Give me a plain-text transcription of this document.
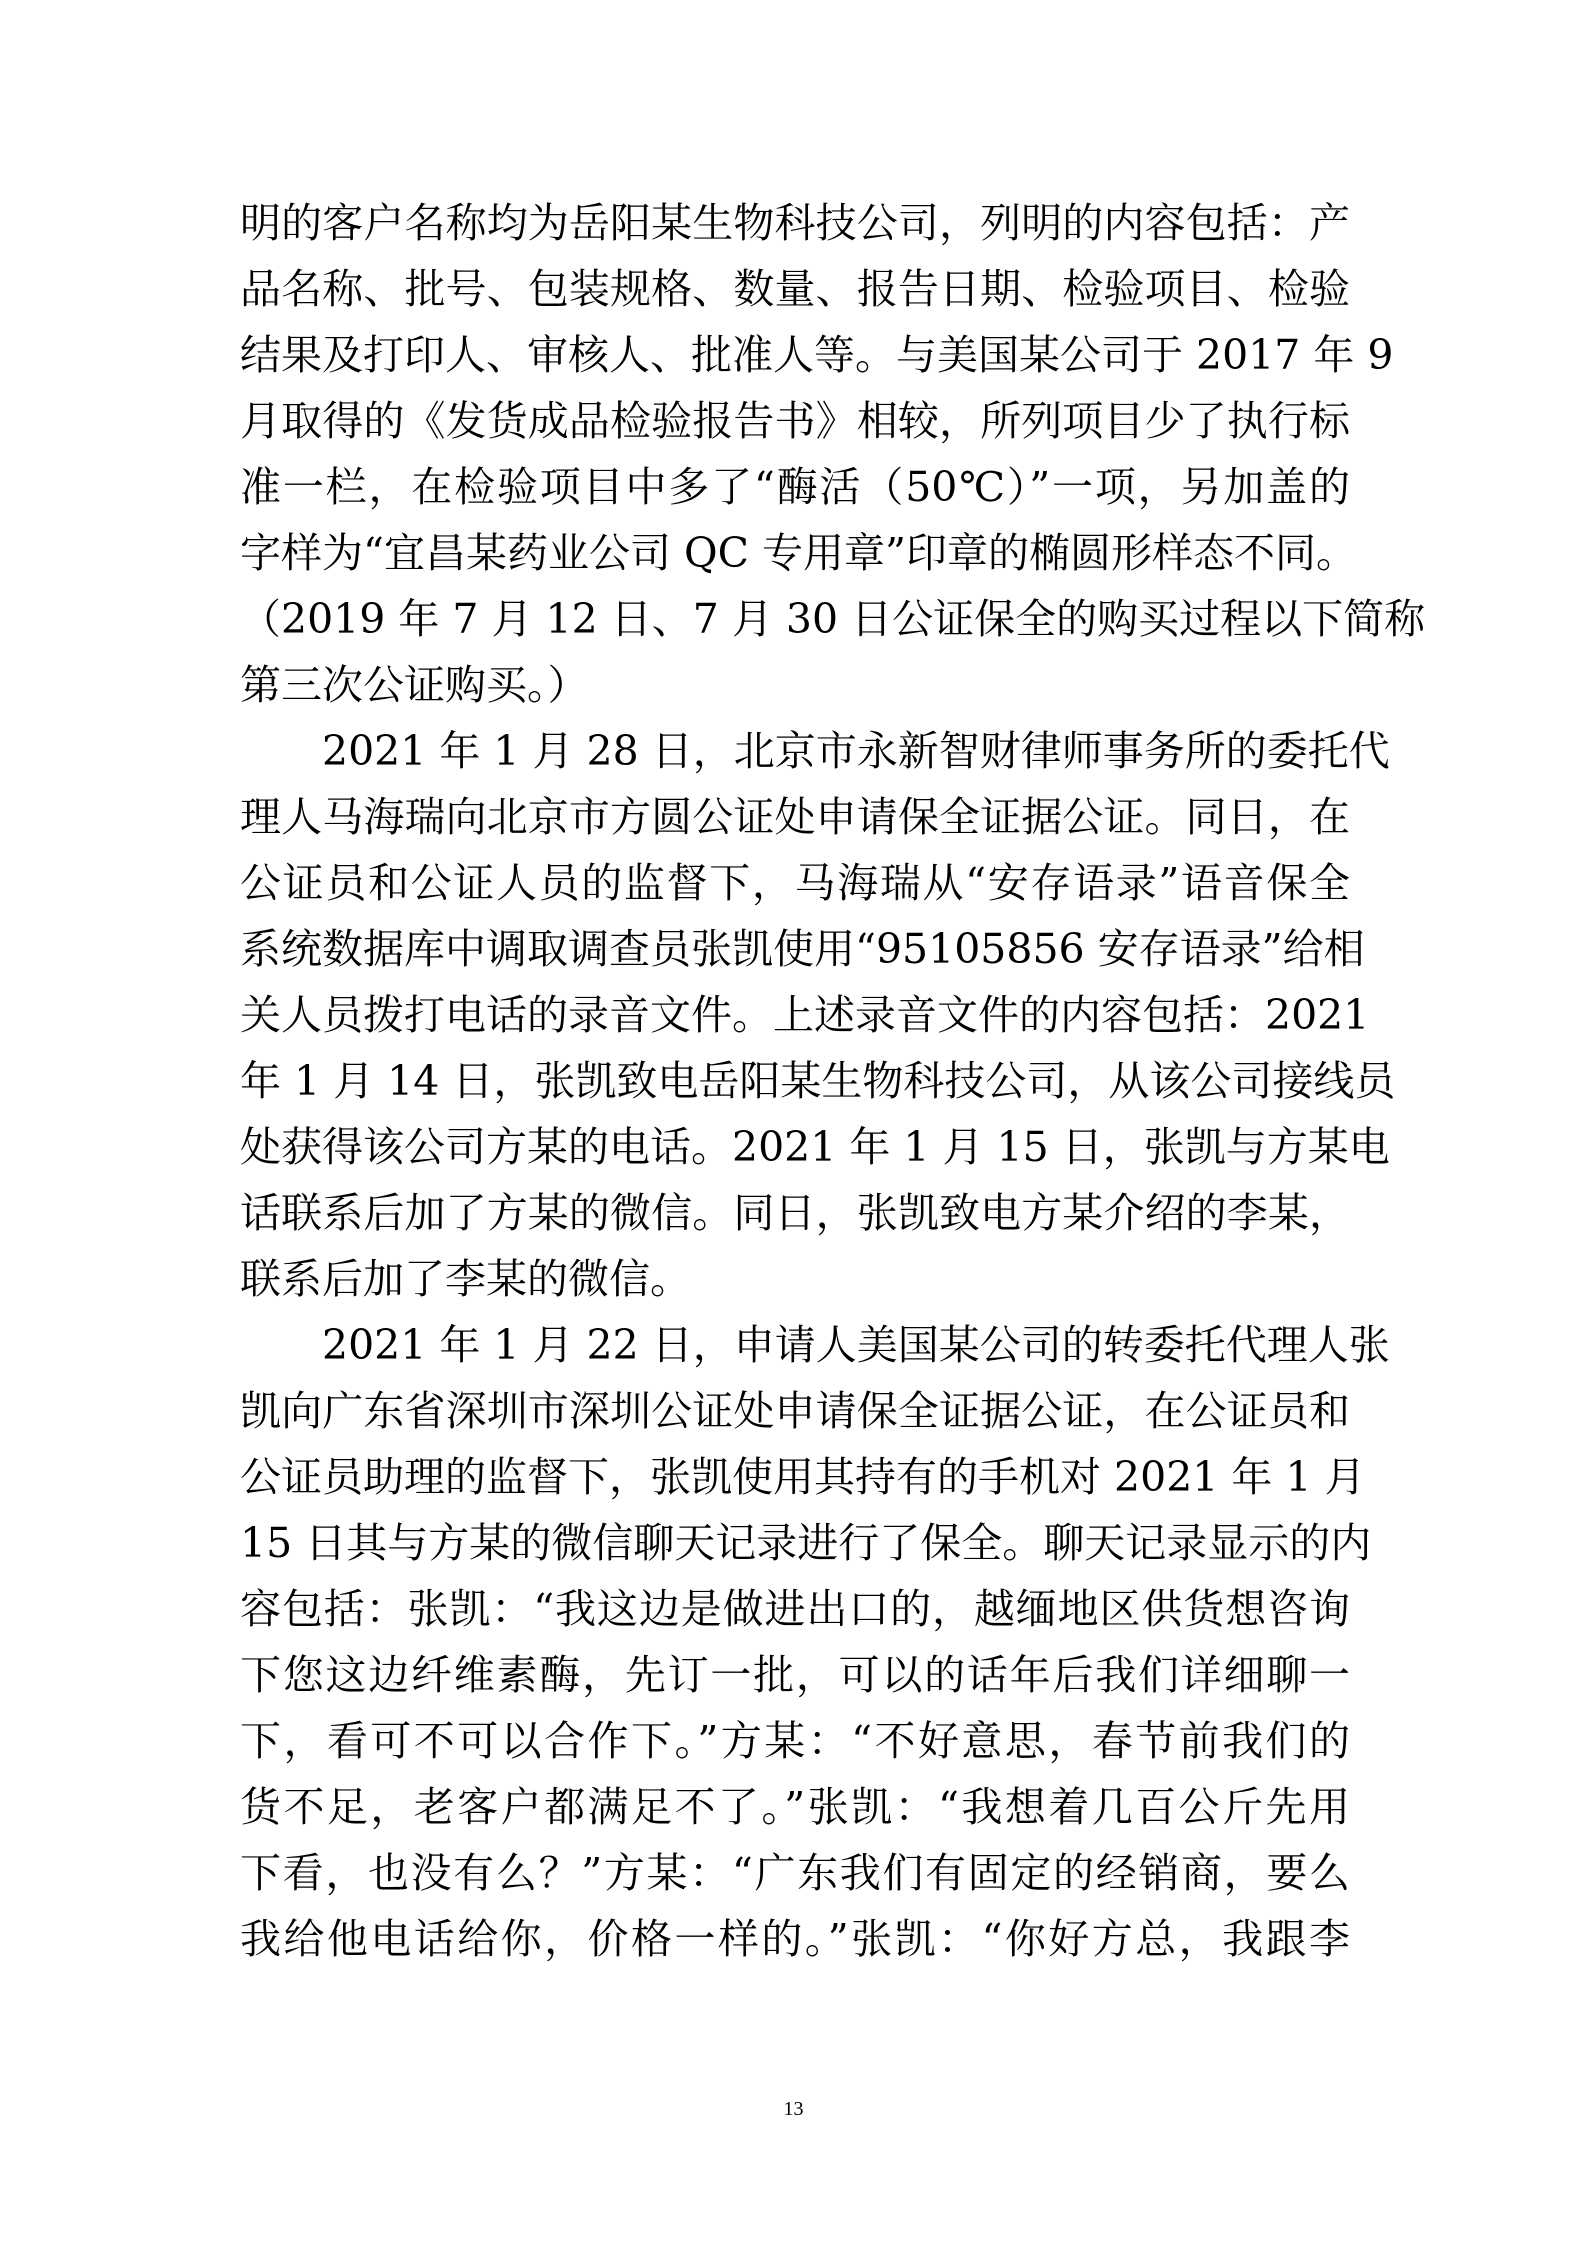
明的客户名称均为岳阳某生物科技公司，列明的内容包括：产
品名称、批号、包装规格、数量、报告日期、检验项目、检验
结果及打印人、审核人、批准人等。与美国某公司于 2017 年 9
月取得的《发货成品检验报告书》相较，所列项目少了执行标
准一栏，在检验项目中多了“酶活（50℃）”一项，另加盖的
字样为“宜昌某药业公司 QC 专用章”印章的椭圆形样态不同。
（2019 年 7 月 12 日、7 月 30 日公证保全的购买过程以下简称
第三次公证购买。）
2021 年 1 月 28 日，北京市永新智财律师事务所的委托代
理人马海瑞向北京市方圆公证处申请保全证据公证。同日，在
公证员和公证人员的监督下，马海瑞从“安存语录”语音保全
系统数据库中调取调查员张凯使用“95105856 安存语录”给相
关人员拨打电话的录音文件。上述录音文件的内容包括：2021
年 1 月 14 日，张凯致电岳阳某生物科技公司，从该公司接线员
处获得该公司方某的电话。2021 年 1 月 15 日，张凯与方某电
话联系后加了方某的微信。同日，张凯致电方某介绍的李某，
联系后加了李某的微信。
2021 年 1 月 22 日，申请人美国某公司的转委托代理人张
凯向广东省深圳市深圳公证处申请保全证据公证，在公证员和
公证员助理的监督下，张凯使用其持有的手机对 2021 年 1 月
15 日其与方某的微信聊天记录进行了保全。聊天记录显示的内
容包括：张凯：“我这边是做进出口的，越缅地区供货想咨询
下您这边纤维素酶，先订一批，可以的话年后我们详细聊一
下，看可不可以合作下。”方某：“不好意思，春节前我们的
货不足，老客户都满足不了。”张凯：“我想着几百公斤先用
下看，也没有么？”方某：“广东我们有固定的经销商，要么
我给他电话给你，价格一样的。”张凯：“你好方总，我跟李
13
